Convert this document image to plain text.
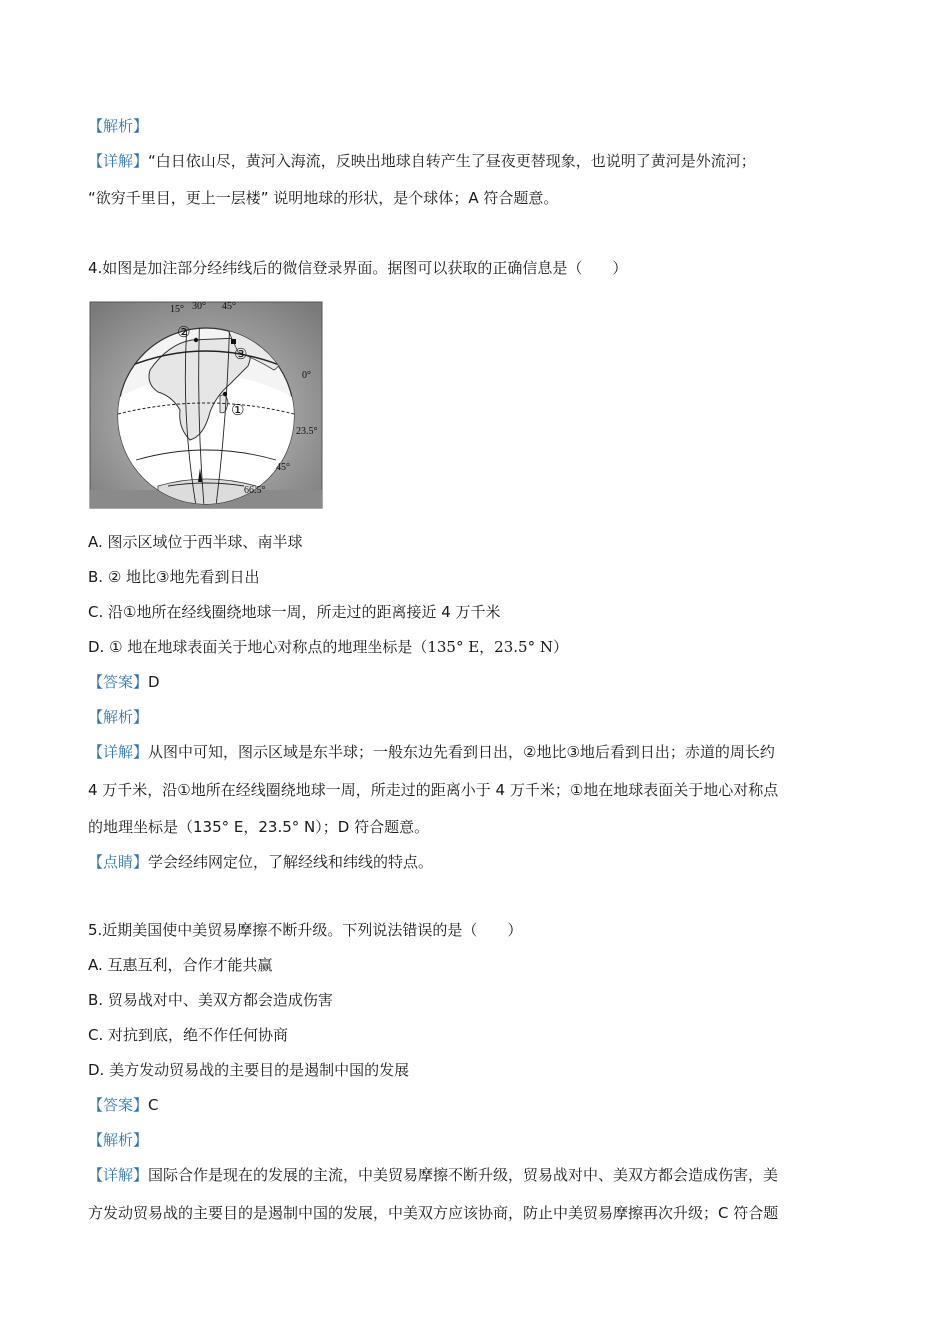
【解析】
【详解】“白日依山尽，黄河入海流，反映出地球自转产生了昼夜更替现象，也说明了黄河是外流河；
“欲穷千里目，更上一层楼” 说明地球的形状，是个球体；A 符合题意。
4.如图是加注部分经纬线后的微信登录界面。据图可以获取的正确信息是（　　）
15° 30° 45°
②
③
①
0°
23.5°
45°
66.5°
A. 图示区域位于西半球、南半球
B. ② 地比③地先看到日出
C. 沿①地所在经线圈绕地球一周，所走过的距离接近 4 万千米
D. ① 地在地球表面关于地心对称点的地理坐标是（135° E，23.5° N）
【答案】D
【解析】
【详解】从图中可知，图示区域是东半球；一般东边先看到日出，②地比③地后看到日出；赤道的周长约
4 万千米，沿①地所在经线圈绕地球一周，所走过的距离小于 4 万千米；①地在地球表面关于地心对称点
的地理坐标是（135° E，23.5° N）；D 符合题意。
【点睛】学会经纬网定位，了解经线和纬线的特点。
5.近期美国使中美贸易摩擦不断升级。下列说法错误的是（　　）
A. 互惠互利，合作才能共赢
B. 贸易战对中、美双方都会造成伤害
C. 对抗到底，绝不作任何协商
D. 美方发动贸易战的主要目的是遏制中国的发展
【答案】C
【解析】
【详解】国际合作是现在的发展的主流，中美贸易摩擦不断升级，贸易战对中、美双方都会造成伤害，美
方发动贸易战的主要目的是遏制中国的发展，中美双方应该协商，防止中美贸易摩擦再次升级；C 符合题
